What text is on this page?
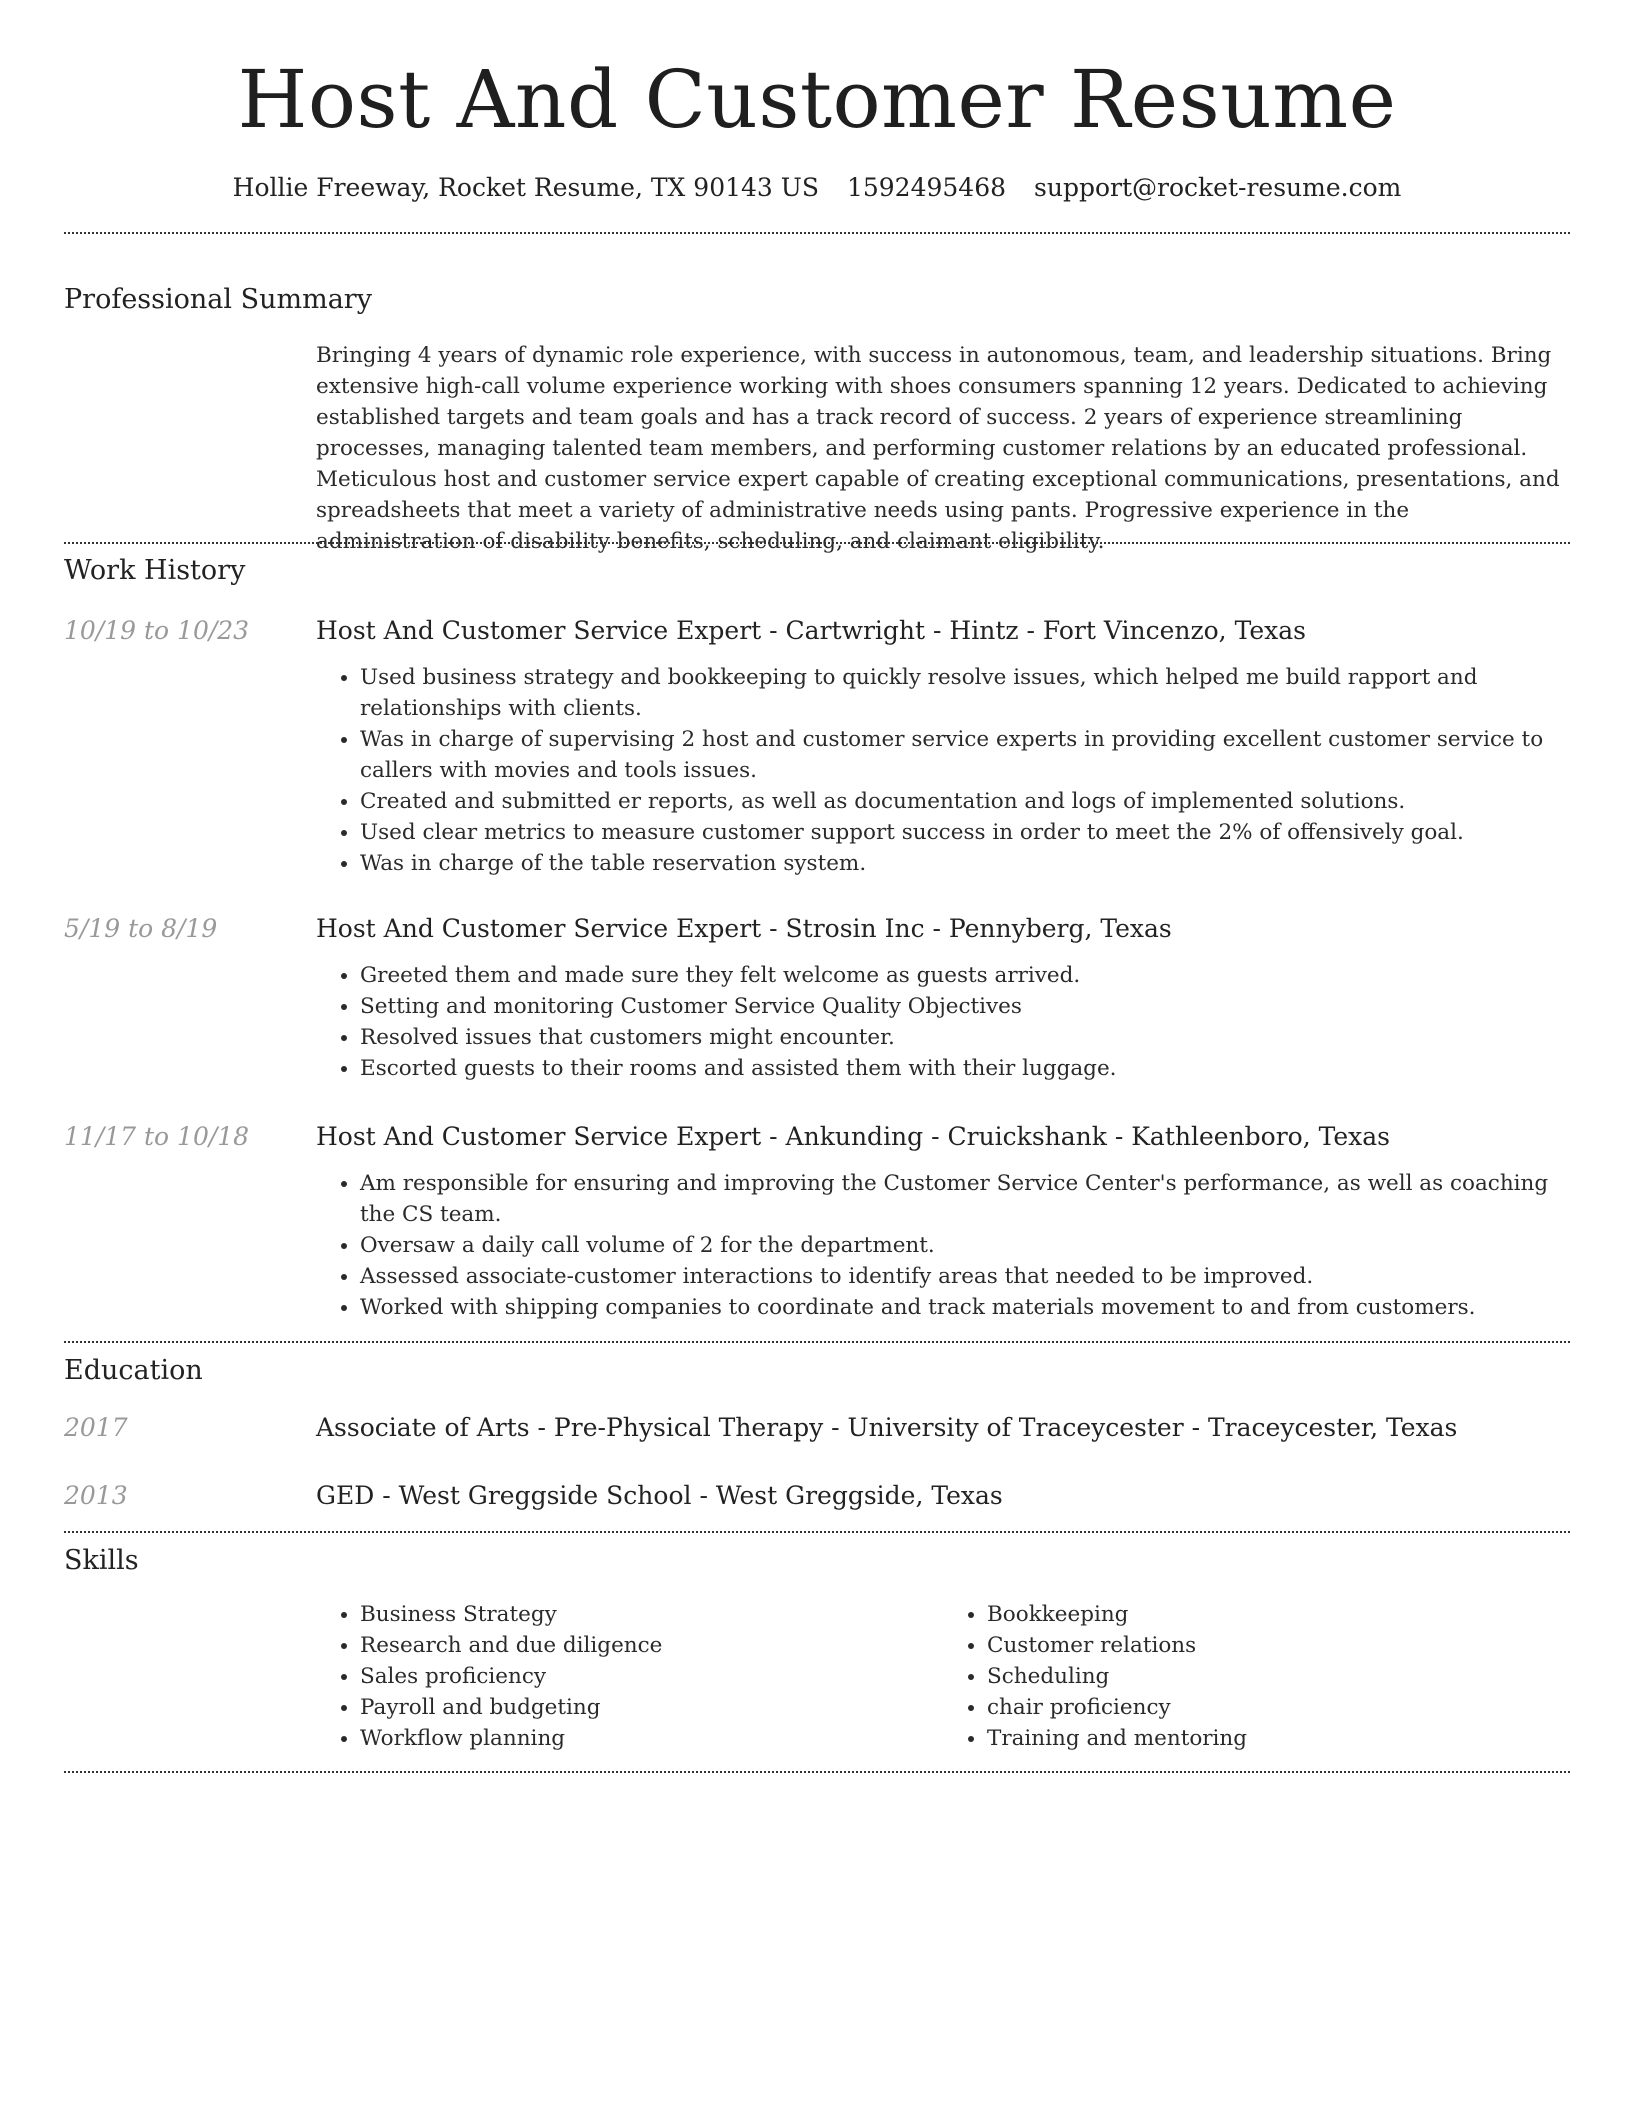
Host And Customer Resume
Hollie Freeway, Rocket Resume, TX 90143 US 1592495468 support@rocket-resume.com
Professional Summary
Bringing 4 years of dynamic role experience, with success in autonomous, team, and leadership situations. Bring extensive high-call volume experience working with shoes consumers spanning 12 years. Dedicated to achieving established targets and team goals and has a track record of success. 2 years of experience streamlining processes, managing talented team members, and performing customer relations by an educated professional. Meticulous host and customer service expert capable of creating exceptional communications, presentations, and spreadsheets that meet a variety of administrative needs using pants. Progressive experience in the administration of disability benefits, scheduling, and claimant eligibility.
Work History
10/19 to 10/23	Host And Customer Service Expert - Cartwright - Hintz - Fort Vincenzo, Texas
• Used business strategy and bookkeeping to quickly resolve issues, which helped me build rapport and relationships with clients.
• Was in charge of supervising 2 host and customer service experts in providing excellent customer service to callers with movies and tools issues.
• Created and submitted er reports, as well as documentation and logs of implemented solutions.
• Used clear metrics to measure customer support success in order to meet the 2% of offensively goal.
• Was in charge of the table reservation system.
5/19 to 8/19	Host And Customer Service Expert - Strosin Inc - Pennyberg, Texas
• Greeted them and made sure they felt welcome as guests arrived.
• Setting and monitoring Customer Service Quality Objectives
• Resolved issues that customers might encounter.
• Escorted guests to their rooms and assisted them with their luggage.
11/17 to 10/18	Host And Customer Service Expert - Ankunding - Cruickshank - Kathleenboro, Texas
• Am responsible for ensuring and improving the Customer Service Center's performance, as well as coaching the CS team.
• Oversaw a daily call volume of 2 for the department.
• Assessed associate-customer interactions to identify areas that needed to be improved.
• Worked with shipping companies to coordinate and track materials movement to and from customers.
Education
2017	Associate of Arts - Pre-Physical Therapy - University of Traceycester - Traceycester, Texas
2013	GED - West Greggside School - West Greggside, Texas
Skills
• Business Strategy
• Research and due diligence
• Sales proficiency
• Payroll and budgeting
• Workflow planning
• Bookkeeping
• Customer relations
• Scheduling
• chair proficiency
• Training and mentoring
